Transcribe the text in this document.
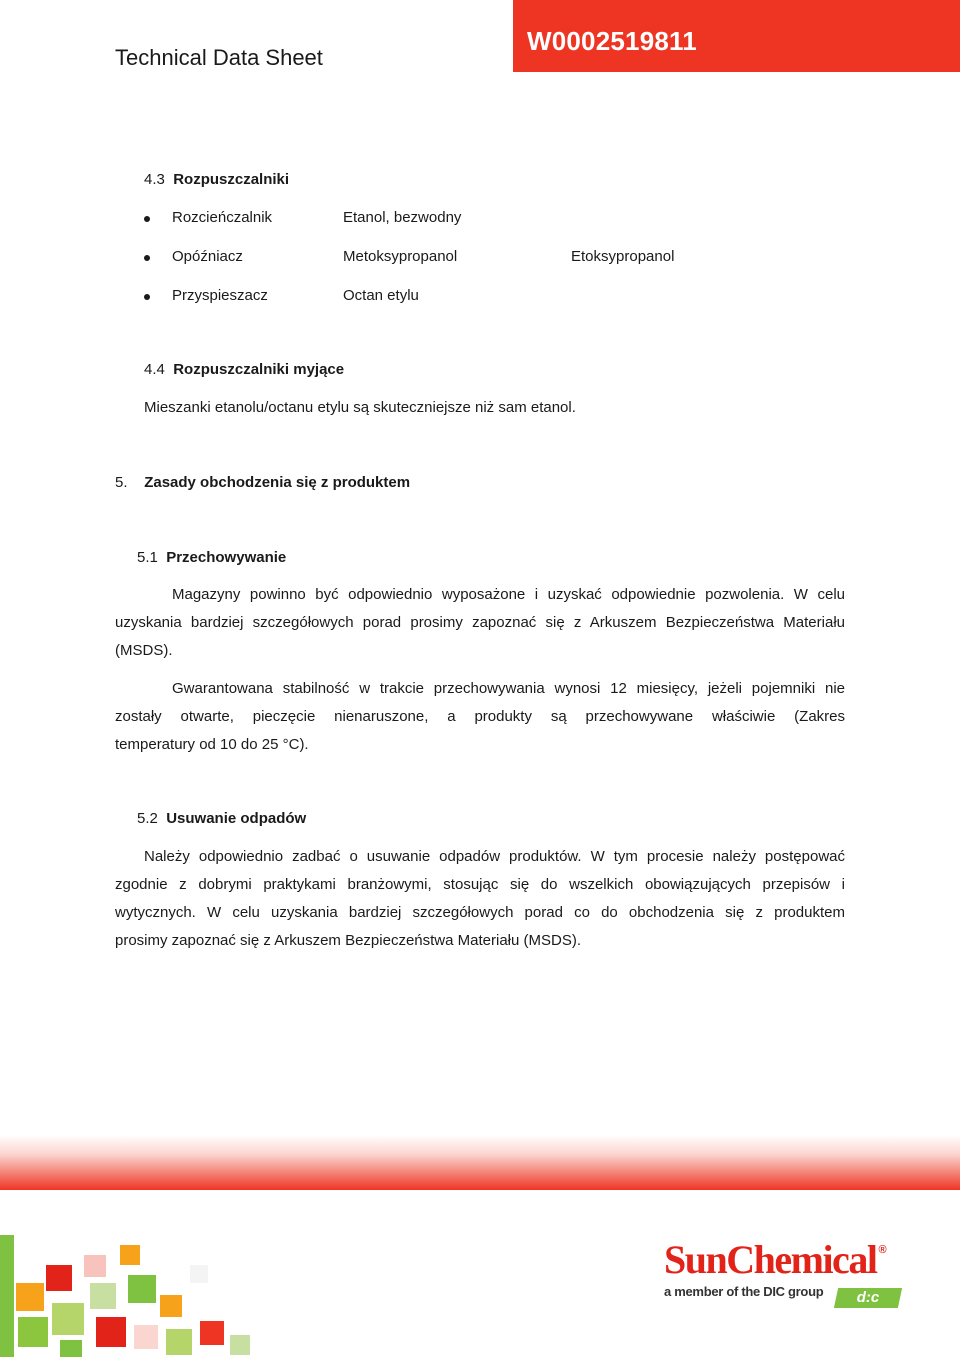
Technical Data Sheet
W0002519811
4.3 Rozpuszczalniki
Rozcieńczalnik	Etanol, bezwodny
Opóźniacz	Metoksypropanol	Etoksypropanol
Przyspieszacz	Octan etylu
4.4 Rozpuszczalniki myjące
Mieszanki etanolu/octanu etylu są skuteczniejsze niż sam etanol.
5. Zasady obchodzenia się z produktem
5.1 Przechowywanie
Magazyny powinno być odpowiednio wyposażone i uzyskać odpowiednie pozwolenia. W celu
uzyskania bardziej szczegółowych porad prosimy zapoznać się z Arkuszem Bezpieczeństwa Materiału
(MSDS).
Gwarantowana stabilność w trakcie przechowywania wynosi 12 miesięcy, jeżeli pojemniki nie
zostały otwarte, pieczęcie nienaruszone, a produkty są przechowywane właściwie (Zakres
temperatury od 10 do 25 °C).
5.2 Usuwanie odpadów
Należy odpowiednio zadbać o usuwanie odpadów produktów. W tym procesie należy postępować
zgodnie z dobrymi praktykami branżowymi, stosując się do wszelkich obowiązujących przepisów i
wytycznych. W celu uzyskania bardziej szczegółowych porad co do obchodzenia się z produktem
prosimy zapoznać się z Arkuszem Bezpieczeństwa Materiału (MSDS).
SunChemical ®
a member of the DIC group	d:c
